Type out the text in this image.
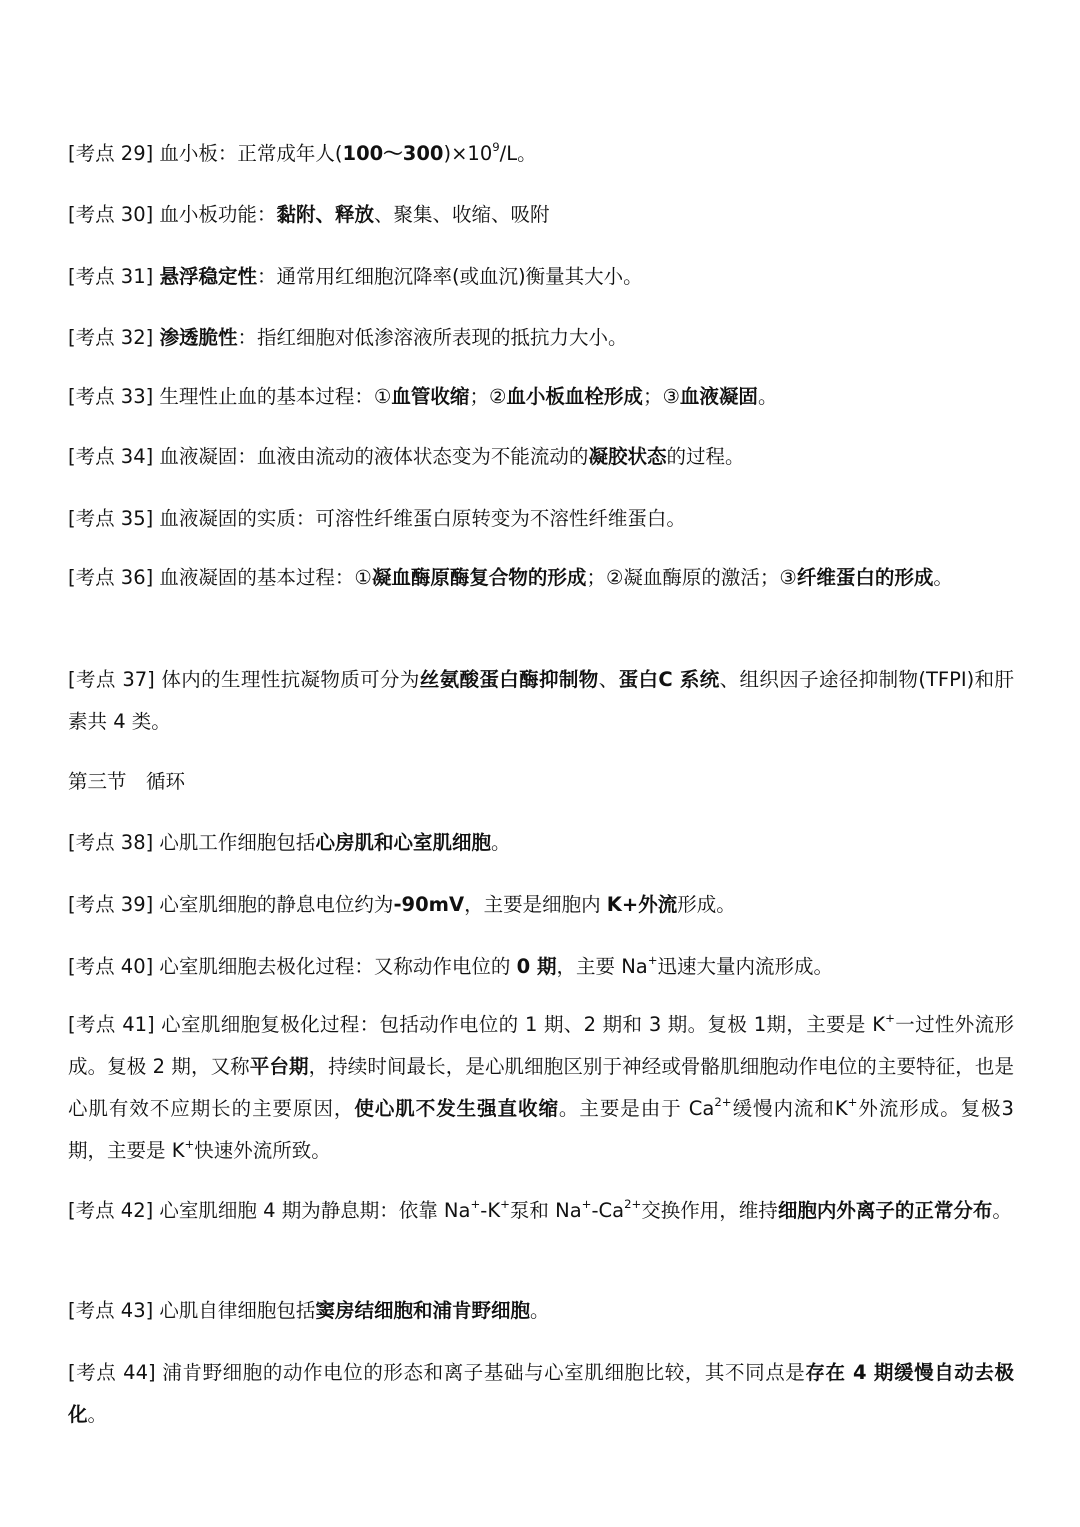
[考点 29] 血小板：正常成年人$(100\sim 300)\times 10^9/L$。

[考点 30] 血小板功能：黏附、释放、聚集、收缩、吸附

[考点 31] 悬浮稳定性：通常用红细胞沉降率(或血沉)衡量其大小。

[考点 32] 渗透脆性：指红细胞对低渗溶液所表现的抵抗力大小。

[考点 33] 生理性止血的基本过程：①血管收缩；②血小板血栓形成；③血液凝固。

[考点 34] 血液凝固：血液由流动的液体状态变为不能流动的凝胶状态的过程。

[考点 35] 血液凝固的实质：可溶性纤维蛋白原转变为不溶性纤维蛋白。

[考点 36] 血液凝固的基本过程：①凝血酶原酶复合物的形成；②凝血酶原的激活；③纤维蛋白的形成。

[考点 37] 体内的生理性抗凝物质可分为丝氨酸蛋白酶抑制物、蛋白C 系统、组织因子途径抑制物(TFPI)和肝素共 4 类。

第三节　循环

[考点 38] 心肌工作细胞包括心房肌和心室肌细胞。

[考点 39] 心室肌细胞的静息电位约为-90mV，主要是细胞内 K+外流形成。

[考点 40] 心室肌细胞去极化过程：又称动作电位的 0 期，主要 Na+迅速大量内流形成。

[考点 41] 心室肌细胞复极化过程：包括动作电位的 1 期、2 期和 3 期。复极 1期，主要是 K+一过性外流形成。复极 2 期，又称平台期，持续时间最长，是心肌细胞区别于神经或骨骼肌细胞动作电位的主要特征，也是心肌有效不应期长的主要原因，使心肌不发生强直收缩。主要是由于 $Ca^{2+}$缓慢内流和K+外流形成。复极3 期，主要是 K+快速外流所致。

[考点 42] 心室肌细胞 4 期为静息期：依靠 Na+-K+泵和 $Na^+-Ca^{2+}$交换作用，维持细胞内外离子的正常分布。

[考点 43] 心肌自律细胞包括窦房结细胞和浦肯野细胞。

[考点 44] 浦肯野细胞的动作电位的形态和离子基础与心室肌细胞比较，其不同点是存在 4 期缓慢自动去极化。
